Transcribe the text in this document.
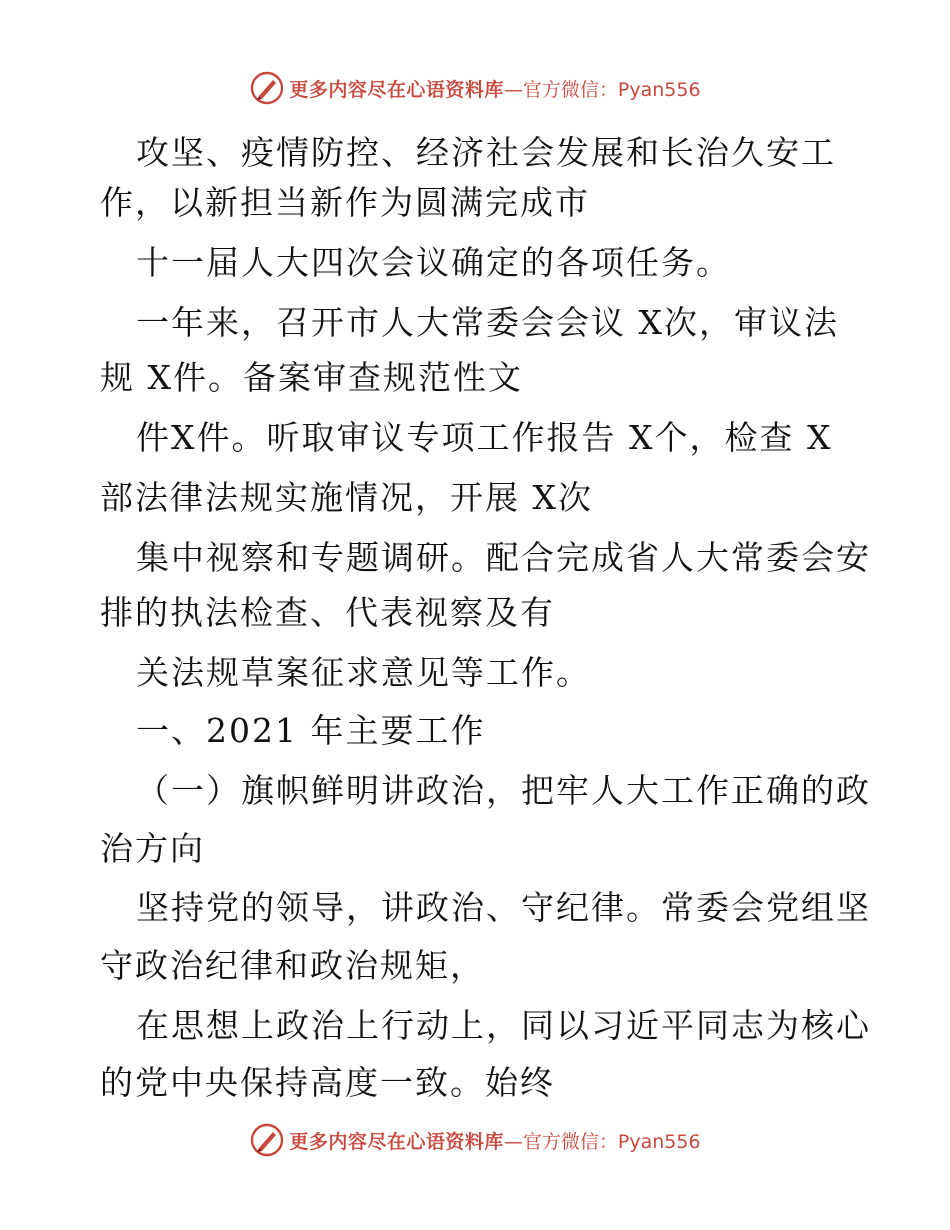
更多内容尽在心语资料库 —官方微信：Pyan556
攻坚、疫情防控、经济社会发展和长治久安工
作，以新担当新作为圆满完成市
十一届人大四次会议确定的各项任务。
一年来，召开市人大常委会会议 X次，审议法
规 X件。备案审查规范性文
件X件。听取审议专项工作报告 X个，检查 X
部法律法规实施情况，开展 X次
集中视察和专题调研。配合完成省人大常委会安
排的执法检查、代表视察及有
关法规草案征求意见等工作。
一、2021 年主要工作
（一）旗帜鲜明讲政治，把牢人大工作正确的政
治方向
坚持党的领导，讲政治、守纪律。常委会党组坚
守政治纪律和政治规矩，
在思想上政治上行动上，同以习近平同志为核心
的党中央保持高度一致。始终
更多内容尽在心语资料库 —官方微信：Pyan556
